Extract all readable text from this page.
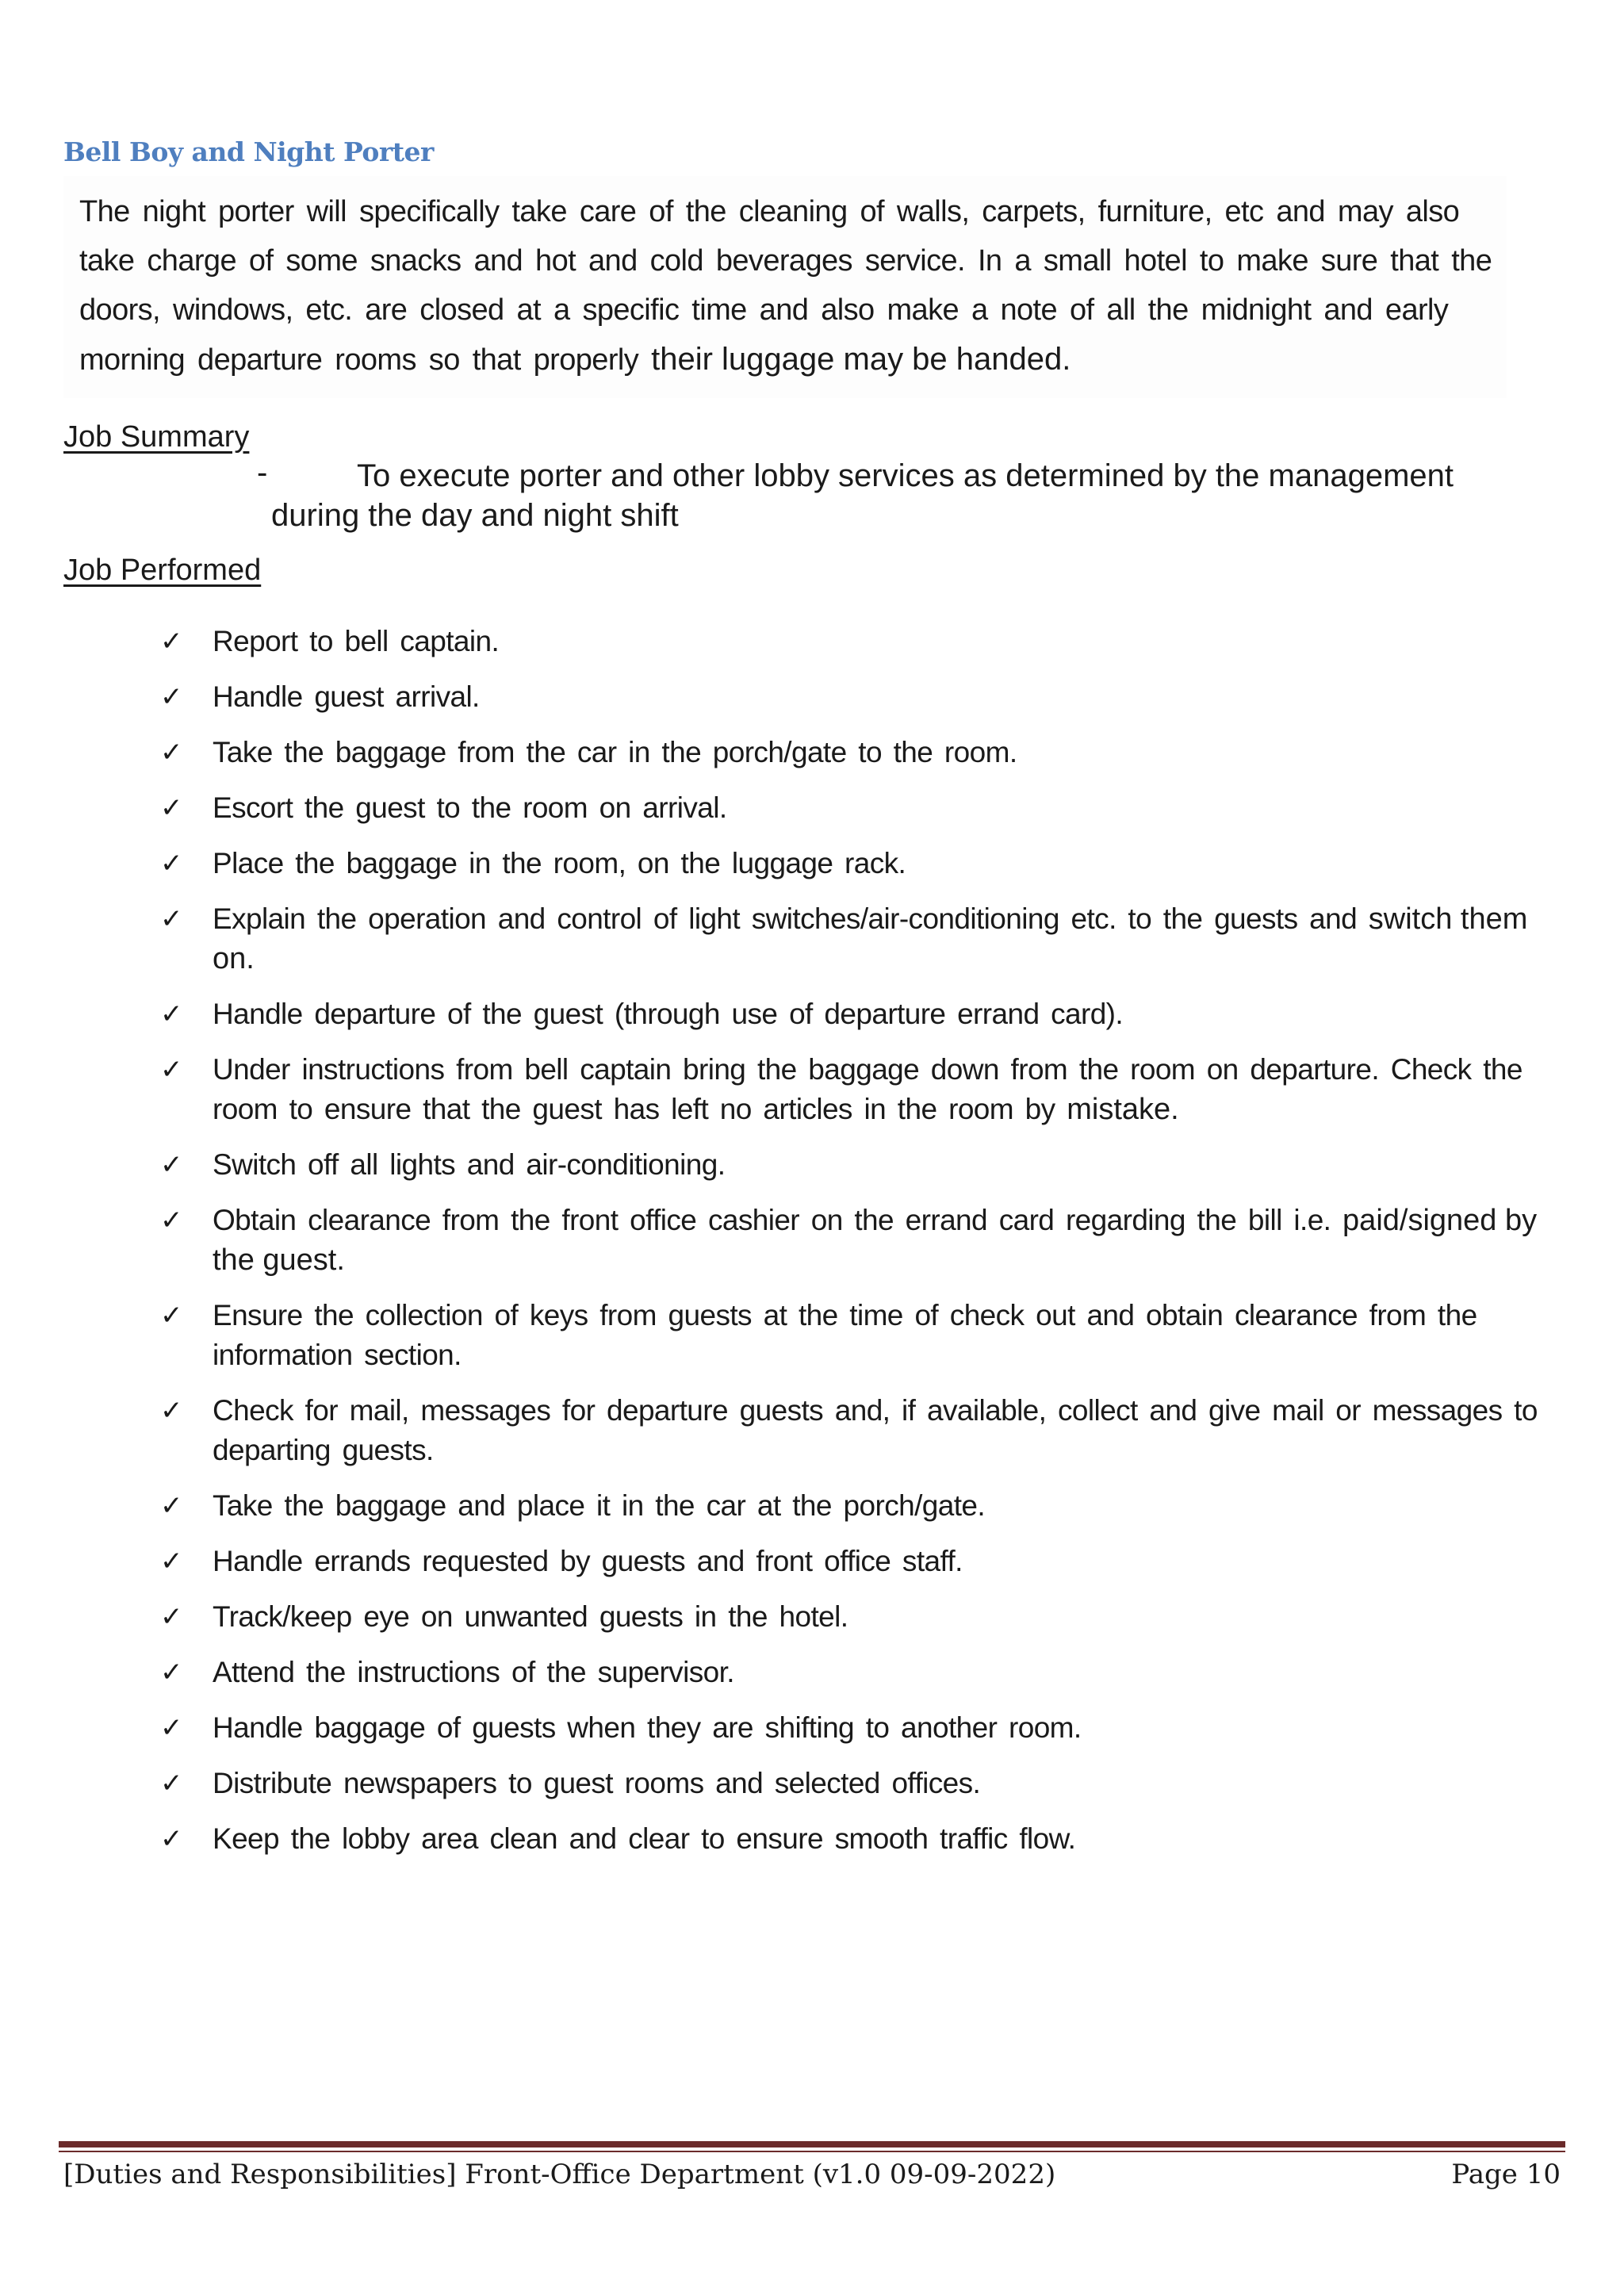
Bell Boy and Night Porter
The night porter will specifically take care of the cleaning of walls, carpets, furniture, etc and may also take charge of some snacks and hot and cold beverages service. In a small hotel to make sure that the doors, windows, etc. are closed at a specific time and also make a note of all the midnight and early morning departure rooms so that properly their luggage may be handed.
Job Summary
-	To execute porter and other lobby services as determined by the management during the day and night shift
Job Performed
✓ Report to bell captain.
✓ Handle guest arrival.
✓ Take the baggage from the car in the porch/gate to the room.
✓ Escort the guest to the room on arrival.
✓ Place the baggage in the room, on the luggage rack.
✓ Explain the operation and control of light switches/air-conditioning etc. to the guests and switch them on.
✓ Handle departure of the guest (through use of departure errand card).
✓ Under instructions from bell captain bring the baggage down from the room on departure. Check the room to ensure that the guest has left no articles in the room by mistake.
✓ Switch off all lights and air-conditioning.
✓ Obtain clearance from the front office cashier on the errand card regarding the bill i.e. paid/signed by the guest.
✓ Ensure the collection of keys from guests at the time of check out and obtain clearance from the information section.
✓ Check for mail, messages for departure guests and, if available, collect and give mail or messages to departing guests.
✓ Take the baggage and place it in the car at the porch/gate.
✓ Handle errands requested by guests and front office staff.
✓ Track/keep eye on unwanted guests in the hotel.
✓ Attend the instructions of the supervisor.
✓ Handle baggage of guests when they are shifting to another room.
✓ Distribute newspapers to guest rooms and selected offices.
✓ Keep the lobby area clean and clear to ensure smooth traffic flow.
[Duties and Responsibilities] Front-Office Department (v1.0 09-09-2022)	Page 10
